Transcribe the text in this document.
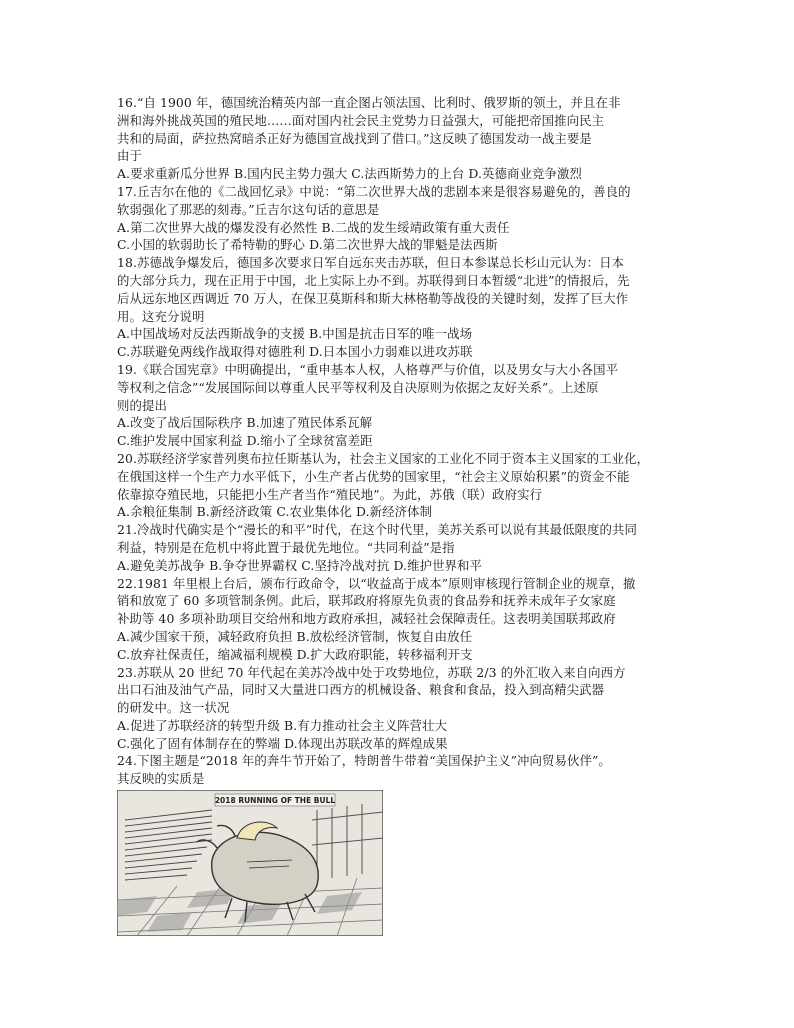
16.“自 1900 年，德国统治精英内部一直企图占领法国、比利时、俄罗斯的领土，并且在非
洲和海外挑战英国的殖民地……面对国内社会民主党势力日益强大，可能把帝国推向民主
共和的局面，萨拉热窝暗杀正好为德国宣战找到了借口。”这反映了德国发动一战主要是
由于
A.要求重新瓜分世界 B.国内民主势力强大 C.法西斯势力的上台 D.英德商业竞争激烈
17.丘吉尔在他的《二战回忆录》中说：“第二次世界大战的悲剧本来是很容易避免的，善良的
软弱强化了那恶的刻毒。”丘吉尔这句话的意思是
A.第二次世界大战的爆发没有必然性 B.二战的发生绥靖政策有重大责任
C.小国的软弱助长了希特勒的野心 D.第二次世界大战的罪魁是法西斯
18.苏德战争爆发后，德国多次要求日军自远东夹击苏联，但日本参谋总长杉山元认为：日本
的大部分兵力，现在正用于中国，北上实际上办不到。苏联得到日本暂缓“北进”的情报后，先
后从远东地区西调近 70 万人，在保卫莫斯科和斯大林格勒等战役的关键时刻，发挥了巨大作
用。这充分说明
A.中国战场对反法西斯战争的支援 B.中国是抗击日军的唯一战场
C.苏联避免两线作战取得对德胜利 D.日本国小力弱难以进攻苏联
19.《联合国宪章》中明确提出，“重申基本人权，人格尊严与价值，以及男女与大小各国平
等权利之信念”“发展国际间以尊重人民平等权利及自决原则为依据之友好关系”。上述原
则的提出
A.改变了战后国际秩序 B.加速了殖民体系瓦解
C.维护发展中国家利益 D.缩小了全球贫富差距
20.苏联经济学家普列奥布拉任斯基认为，社会主义国家的工业化不同于资本主义国家的工业化，
在俄国这样一个生产力水平低下，小生产者占优势的国家里，“社会主义原始积累”的资金不能
依靠掠夺殖民地，只能把小生产者当作“殖民地”。为此，苏俄（联）政府实行
A.余粮征集制 B.新经济政策 C.农业集体化 D.新经济体制
21.冷战时代确实是个“漫长的和平”时代，在这个时代里，美苏关系可以说有其最低限度的共同
利益，特别是在危机中将此置于最优先地位。“共同利益”是指
A.避免美苏战争 B.争夺世界霸权 C.坚持冷战对抗 D.维护世界和平
22.1981 年里根上台后，颁布行政命令，以“收益高于成本”原则审核现行管制企业的规章，撤
销和放宽了 60 多项管制条例。此后，联邦政府将原先负责的食品券和抚养未成年子女家庭
补助等 40 多项补助项目交给州和地方政府承担，减轻社会保障责任。这表明美国联邦政府
A.减少国家干预，减轻政府负担 B.放松经济管制，恢复自由放任
C.放弃社保责任，缩减福利规模 D.扩大政府职能，转移福利开支
23.苏联从 20 世纪 70 年代起在美苏冷战中处于攻势地位，苏联 2/3 的外汇收入来自向西方
出口石油及油气产品，同时又大量进口西方的机械设备、粮食和食品，投入到高精尖武器
的研发中。这一状况
A.促进了苏联经济的转型升级 B.有力推动社会主义阵营壮大
C.强化了固有体制存在的弊端 D.体现出苏联改革的辉煌成果
24.下图主题是“2018 年的奔牛节开始了，特朗普牛带着“美国保护主义”冲向贸易伙伴”。
其反映的实质是
2018 RUNNING OF THE BULL
